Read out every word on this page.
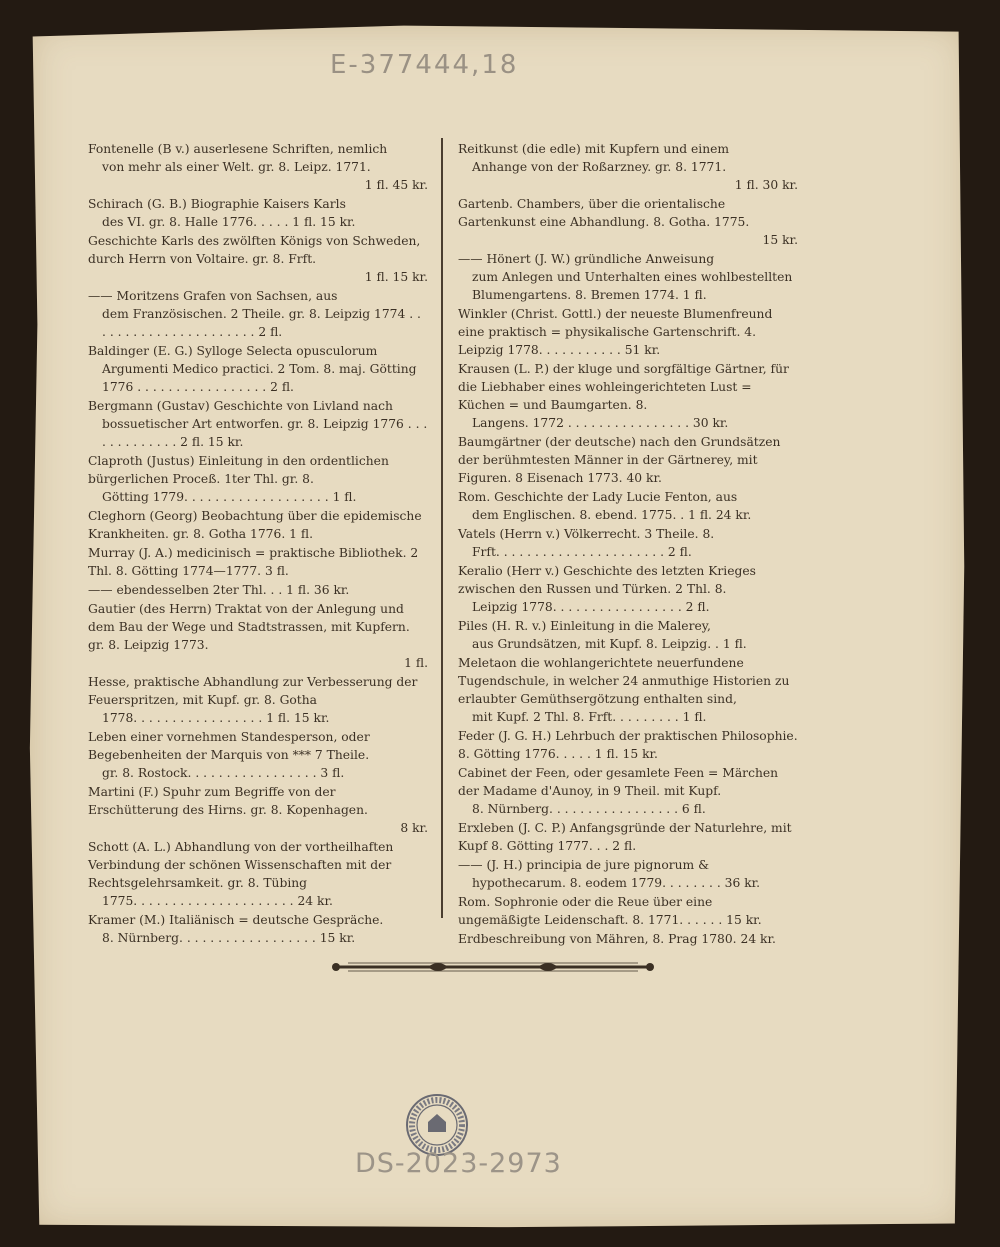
E-377444,18
Fontenelle (B v.) auserlesene Schriften, nemlich
von mehr als einer Welt. gr. 8. Leipz. 1771.
1 fl. 45 kr.
Schirach (G. B.) Biographie Kaisers Karls
des VI. gr. 8. Halle 1776. . . . . 1 fl. 15 kr.
Geschichte Karls des zwölften Königs von Schweden, durch Herrn von Voltaire. gr. 8. Frft.
1 fl. 15 kr.
—— Moritzens Grafen von Sachsen, aus
dem Französischen. 2 Theile. gr. 8. Leipzig 1774 . . . . . . . . . . . . . . . . . . . . . . 2 fl.
Baldinger (E. G.) Sylloge Selecta opusculorum
Argumenti Medico practici. 2 Tom. 8. maj. Götting 1776 . . . . . . . . . . . . . . . . . 2 fl.
Bergmann (Gustav) Geschichte von Livland nach
bossuetischer Art entworfen. gr. 8. Leipzig 1776 . . . . . . . . . . . . . 2 fl. 15 kr.
Claproth (Justus) Einleitung in den ordentlichen bürgerlichen Proceß. 1ter Thl. gr. 8.
Götting 1779. . . . . . . . . . . . . . . . . . . 1 fl.
Cleghorn (Georg) Beobachtung über die epidemische Krankheiten. gr. 8. Gotha 1776. 1 fl.
Murray (J. A.) medicinisch = praktische Bibliothek. 2 Thl. 8. Götting 1774—1777. 3 fl.
—— ebendesselben 2ter Thl. . . 1 fl. 36 kr.
Gautier (des Herrn) Traktat von der Anlegung und dem Bau der Wege und Stadtstrassen, mit Kupfern. gr. 8. Leipzig 1773.
1 fl.
Hesse, praktische Abhandlung zur Verbesserung der Feuerspritzen, mit Kupf. gr. 8. Gotha
1778. . . . . . . . . . . . . . . . . 1 fl. 15 kr.
Leben einer vornehmen Standesperson, oder Begebenheiten der Marquis von *** 7 Theile.
gr. 8. Rostock. . . . . . . . . . . . . . . . . 3 fl.
Martini (F.) Spuhr zum Begriffe von der Erschütterung des Hirns. gr. 8. Kopenhagen.
8 kr.
Schott (A. L.) Abhandlung von der vortheilhaften Verbindung der schönen Wissenschaften mit der Rechtsgelehrsamkeit. gr. 8. Tübing
1775. . . . . . . . . . . . . . . . . . . . . 24 kr.
Kramer (M.) Italiänisch = deutsche Gespräche.
8. Nürnberg. . . . . . . . . . . . . . . . . . 15 kr.
Reitkunst (die edle) mit Kupfern und einem
Anhange von der Roßarzney. gr. 8. 1771.
1 fl. 30 kr.
Gartenb. Chambers, über die orientalische Gartenkunst eine Abhandlung. 8. Gotha. 1775.
15 kr.
—— Hönert (J. W.) gründliche Anweisung
zum Anlegen und Unterhalten eines wohlbestellten Blumengartens. 8. Bremen 1774. 1 fl.
Winkler (Christ. Gottl.) der neueste Blumenfreund eine praktisch = physikalische Gartenschrift. 4. Leipzig 1778. . . . . . . . . . . 51 kr.
Krausen (L. P.) der kluge und sorgfältige Gärtner, für die Liebhaber eines wohleingerichteten Lust = Küchen = und Baumgarten. 8.
Langens. 1772 . . . . . . . . . . . . . . . . 30 kr.
Baumgärtner (der deutsche) nach den Grundsätzen der berühmtesten Männer in der Gärtnerey, mit Figuren. 8 Eisenach 1773. 40 kr.
Rom. Geschichte der Lady Lucie Fenton, aus
dem Englischen. 8. ebend. 1775. . 1 fl. 24 kr.
Vatels (Herrn v.) Völkerrecht. 3 Theile. 8.
Frft. . . . . . . . . . . . . . . . . . . . . . 2 fl.
Keralio (Herr v.) Geschichte des letzten Krieges zwischen den Russen und Türken. 2 Thl. 8.
Leipzig 1778. . . . . . . . . . . . . . . . . 2 fl.
Piles (H. R. v.) Einleitung in die Malerey,
aus Grundsätzen, mit Kupf. 8. Leipzig. . 1 fl.
Meletaon die wohlangerichtete neuerfundene Tugendschule, in welcher 24 anmuthige Historien zu erlaubter Gemüthsergötzung enthalten sind,
mit Kupf. 2 Thl. 8. Frft. . . . . . . . . 1 fl.
Feder (J. G. H.) Lehrbuch der praktischen Philosophie. 8. Götting 1776. . . . . 1 fl. 15 kr.
Cabinet der Feen, oder gesamlete Feen = Märchen der Madame d'Aunoy, in 9 Theil. mit Kupf.
8. Nürnberg. . . . . . . . . . . . . . . . . 6 fl.
Erxleben (J. C. P.) Anfangsgründe der Naturlehre, mit Kupf 8. Götting 1777. . . 2 fl.
—— (J. H.) principia de jure pignorum &
hypothecarum. 8. eodem 1779. . . . . . . . 36 kr.
Rom. Sophronie oder die Reue über eine ungemäßigte Leidenschaft. 8. 1771. . . . . . 15 kr.
Erdbeschreibung von Mähren, 8. Prag 1780. 24 kr.
DS-2023-2973
